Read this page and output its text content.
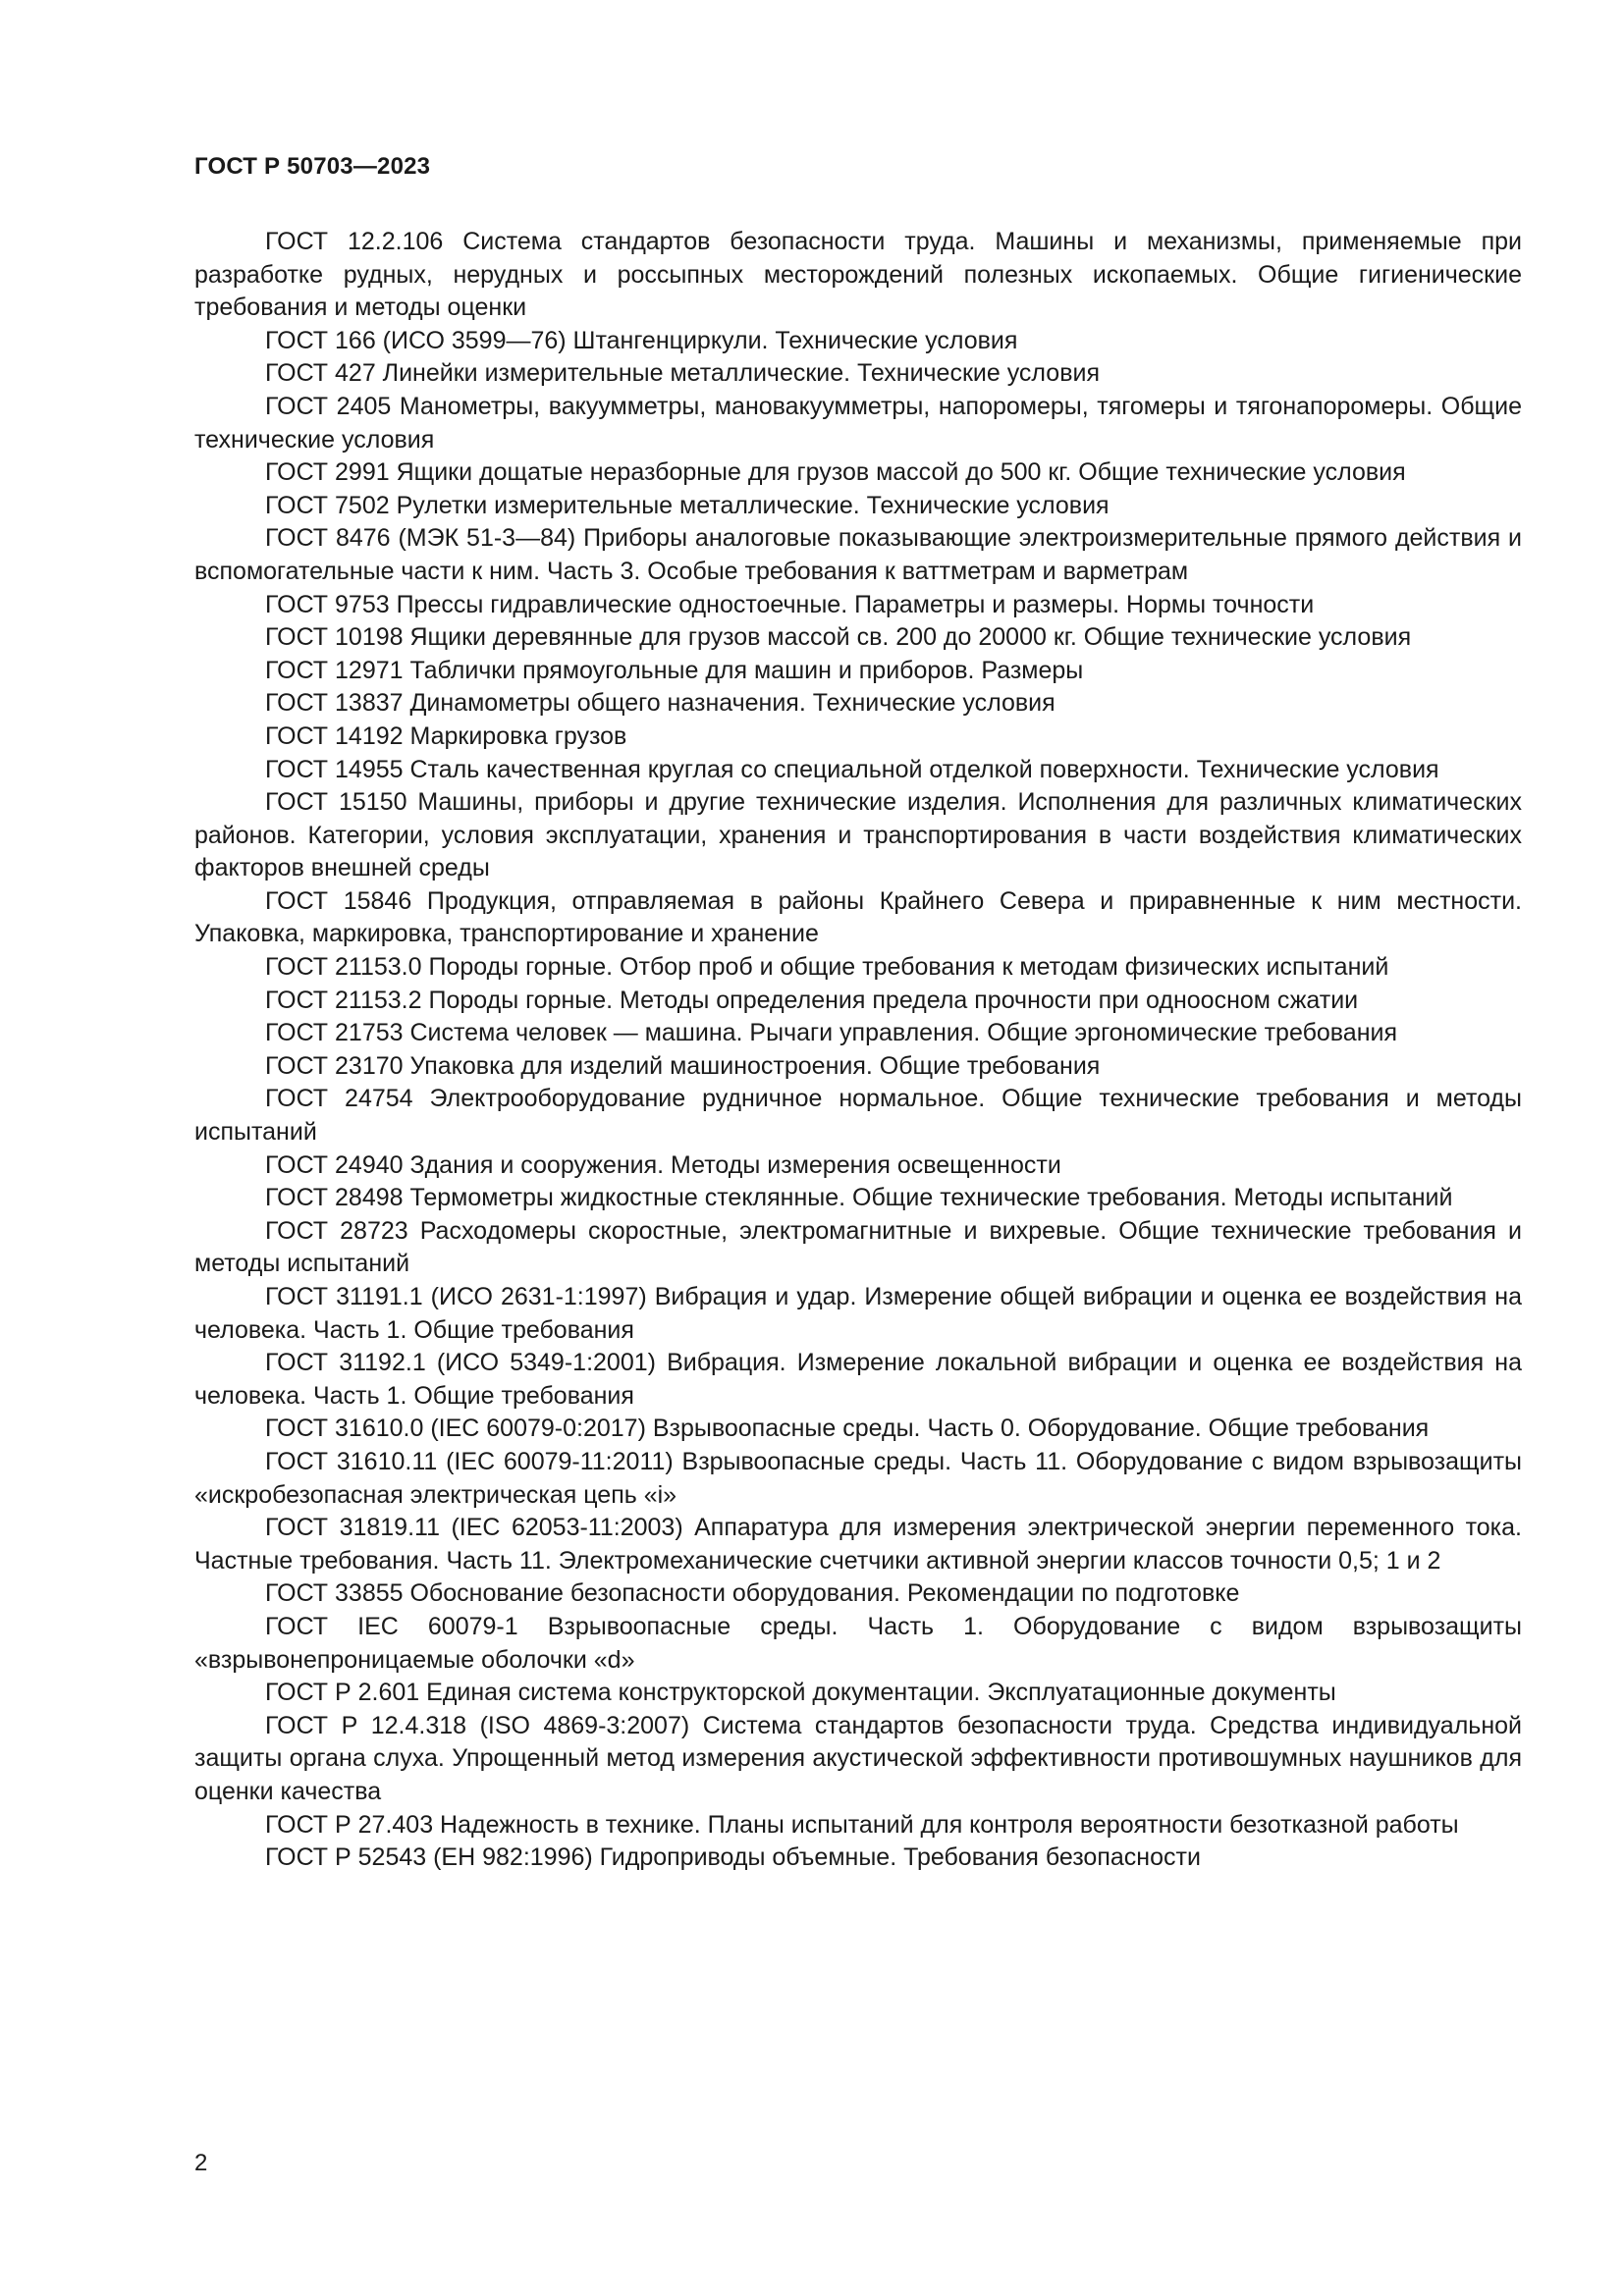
ГОСТ Р 50703—2023

ГОСТ 12.2.106 Система стандартов безопасности труда. Машины и механизмы, применяемые при разработке рудных, нерудных и россыпных месторождений полезных ископаемых. Общие гигиенические требования и методы оценки

ГОСТ 166 (ИСО 3599—76) Штангенциркули. Технические условия

ГОСТ 427 Линейки измерительные металлические. Технические условия

ГОСТ 2405 Манометры, вакуумметры, мановакуумметры, напоромеры, тягомеры и тягонапоромеры. Общие технические условия

ГОСТ 2991 Ящики дощатые неразборные для грузов массой до 500 кг. Общие технические условия

ГОСТ 7502 Рулетки измерительные металлические. Технические условия

ГОСТ 8476 (МЭК 51-3—84) Приборы аналоговые показывающие электроизмерительные прямого действия и вспомогательные части к ним. Часть 3. Особые требования к ваттметрам и варметрам

ГОСТ 9753 Прессы гидравлические одностоечные. Параметры и размеры. Нормы точности

ГОСТ 10198 Ящики деревянные для грузов массой св. 200 до 20000 кг. Общие технические условия

ГОСТ 12971 Таблички прямоугольные для машин и приборов. Размеры

ГОСТ 13837 Динамометры общего назначения. Технические условия

ГОСТ 14192 Маркировка грузов

ГОСТ 14955 Сталь качественная круглая со специальной отделкой поверхности. Технические условия

ГОСТ 15150 Машины, приборы и другие технические изделия. Исполнения для различных климатических районов. Категории, условия эксплуатации, хранения и транспортирования в части воздействия климатических факторов внешней среды

ГОСТ 15846 Продукция, отправляемая в районы Крайнего Севера и приравненные к ним местности. Упаковка, маркировка, транспортирование и хранение

ГОСТ 21153.0 Породы горные. Отбор проб и общие требования к методам физических испытаний

ГОСТ 21153.2 Породы горные. Методы определения предела прочности при одноосном сжатии

ГОСТ 21753 Система человек — машина. Рычаги управления. Общие эргономические требования

ГОСТ 23170 Упаковка для изделий машиностроения. Общие требования

ГОСТ 24754 Электрооборудование рудничное нормальное. Общие технические требования и методы испытаний

ГОСТ 24940 Здания и сооружения. Методы измерения освещенности

ГОСТ 28498 Термометры жидкостные стеклянные. Общие технические требования. Методы испытаний

ГОСТ 28723 Расходомеры скоростные, электромагнитные и вихревые. Общие технические требования и методы испытаний

ГОСТ 31191.1 (ИСО 2631-1:1997) Вибрация и удар. Измерение общей вибрации и оценка ее воздействия на человека. Часть 1. Общие требования

ГОСТ 31192.1 (ИСО 5349-1:2001) Вибрация. Измерение локальной вибрации и оценка ее воздействия на человека. Часть 1. Общие требования

ГОСТ 31610.0 (IEC 60079-0:2017) Взрывоопасные среды. Часть 0. Оборудование. Общие требования

ГОСТ 31610.11 (IEC 60079-11:2011) Взрывоопасные среды. Часть 11. Оборудование с видом взрывозащиты «искробезопасная электрическая цепь «i»

ГОСТ 31819.11 (IEC 62053-11:2003) Аппаратура для измерения электрической энергии переменного тока. Частные требования. Часть 11. Электромеханические счетчики активной энергии классов точности 0,5; 1 и 2

ГОСТ 33855 Обоснование безопасности оборудования. Рекомендации по подготовке

ГОСТ IEC 60079-1 Взрывоопасные среды. Часть 1. Оборудование с видом взрывозащиты «взрывонепроницаемые оболочки «d»

ГОСТ Р 2.601 Единая система конструкторской документации. Эксплуатационные документы

ГОСТ Р 12.4.318 (ISO 4869-3:2007) Система стандартов безопасности труда. Средства индивидуальной защиты органа слуха. Упрощенный метод измерения акустической эффективности противошумных наушников для оценки качества

ГОСТ Р 27.403 Надежность в технике. Планы испытаний для контроля вероятности безотказной работы

ГОСТ Р 52543 (ЕН 982:1996) Гидроприводы объемные. Требования безопасности

2
